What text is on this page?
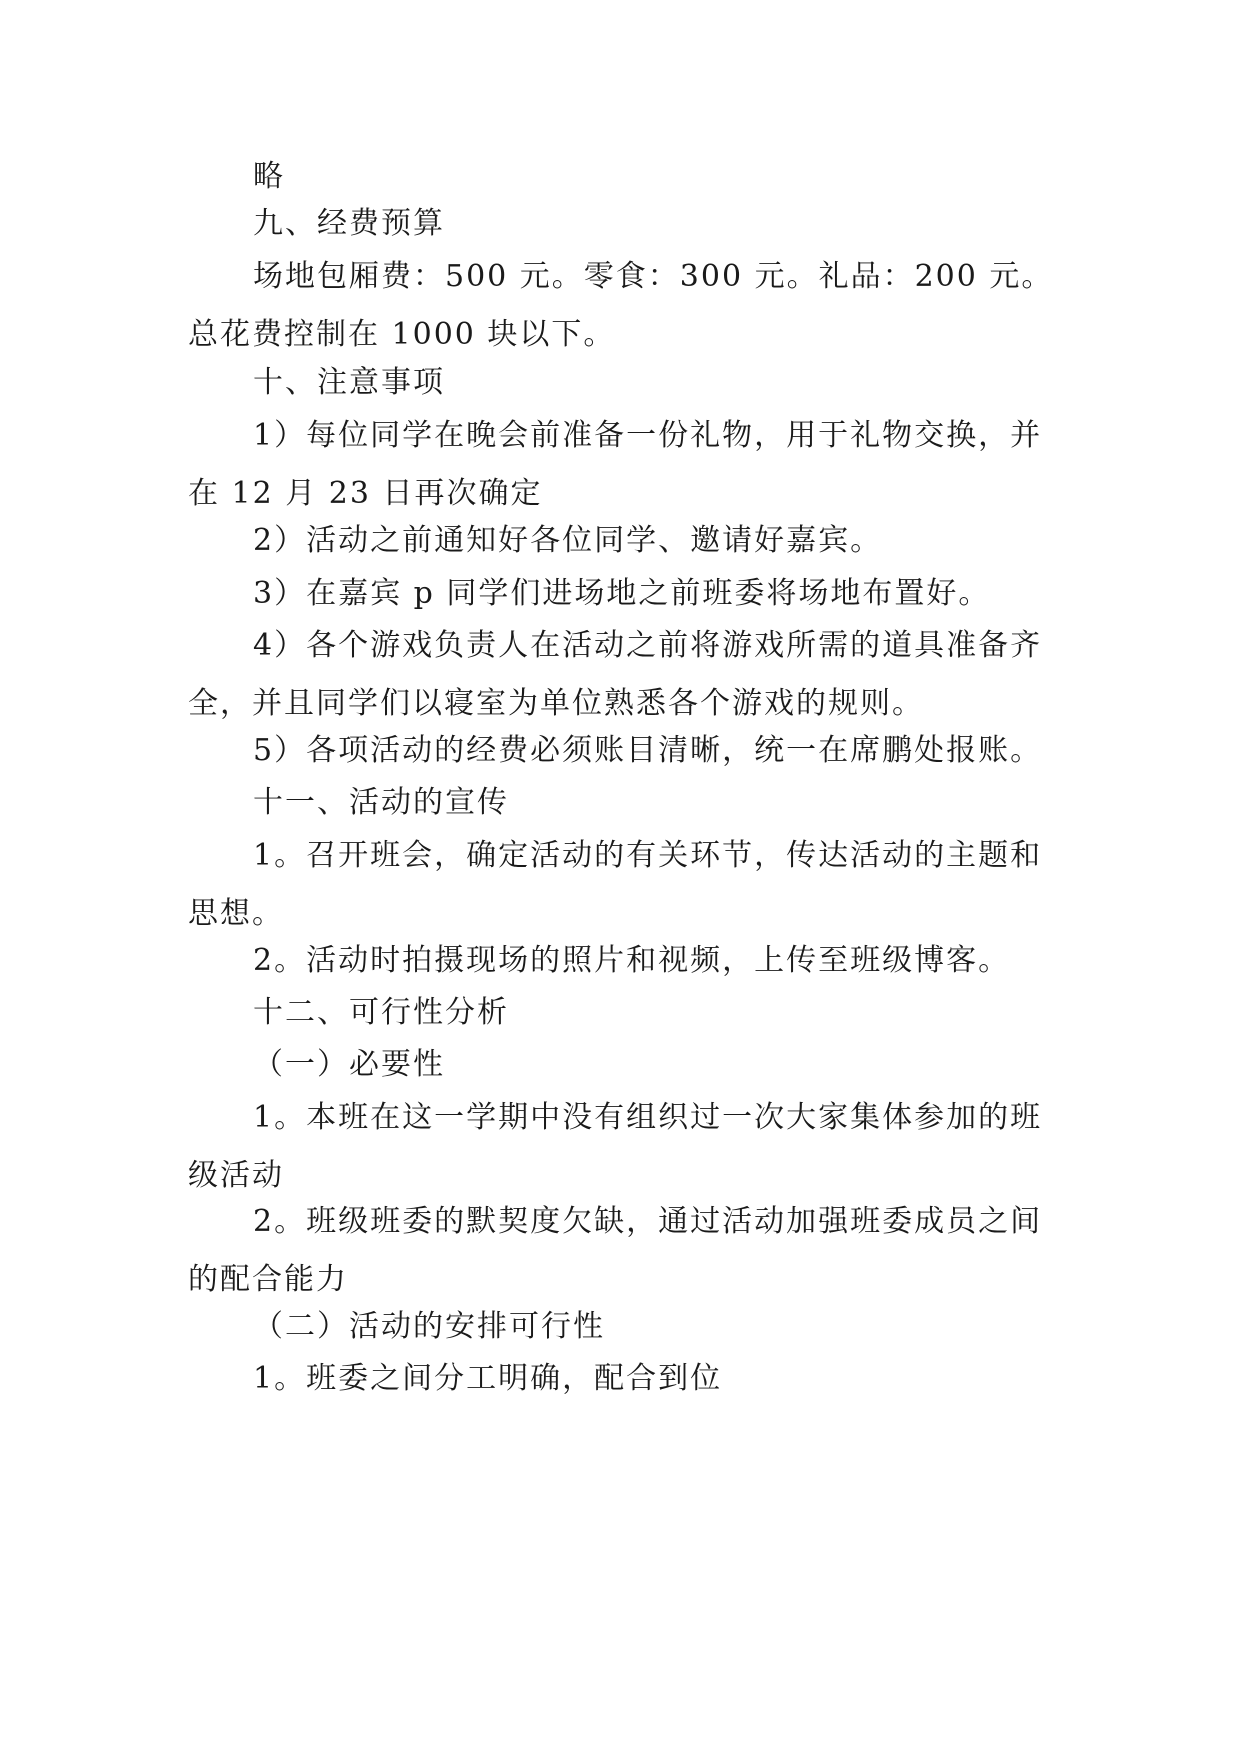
略
九、经费预算
场地包厢费：500 元。零食：300 元。礼品：200 元。总花费控制在 1000 块以下。
十、注意事项
1）每位同学在晚会前准备一份礼物，用于礼物交换，并在 12 月 23 日再次确定
2）活动之前通知好各位同学、邀请好嘉宾。
3）在嘉宾 p 同学们进场地之前班委将场地布置好。
4）各个游戏负责人在活动之前将游戏所需的道具准备齐全，并且同学们以寝室为单位熟悉各个游戏的规则。
5）各项活动的经费必须账目清晰，统一在席鹏处报账。
十一、活动的宣传
1。召开班会，确定活动的有关环节，传达活动的主题和思想。
2。活动时拍摄现场的照片和视频，上传至班级博客。
十二、可行性分析
（一）必要性
1。本班在这一学期中没有组织过一次大家集体参加的班级活动
2。班级班委的默契度欠缺，通过活动加强班委成员之间的配合能力
（二）活动的安排可行性
1。班委之间分工明确，配合到位
